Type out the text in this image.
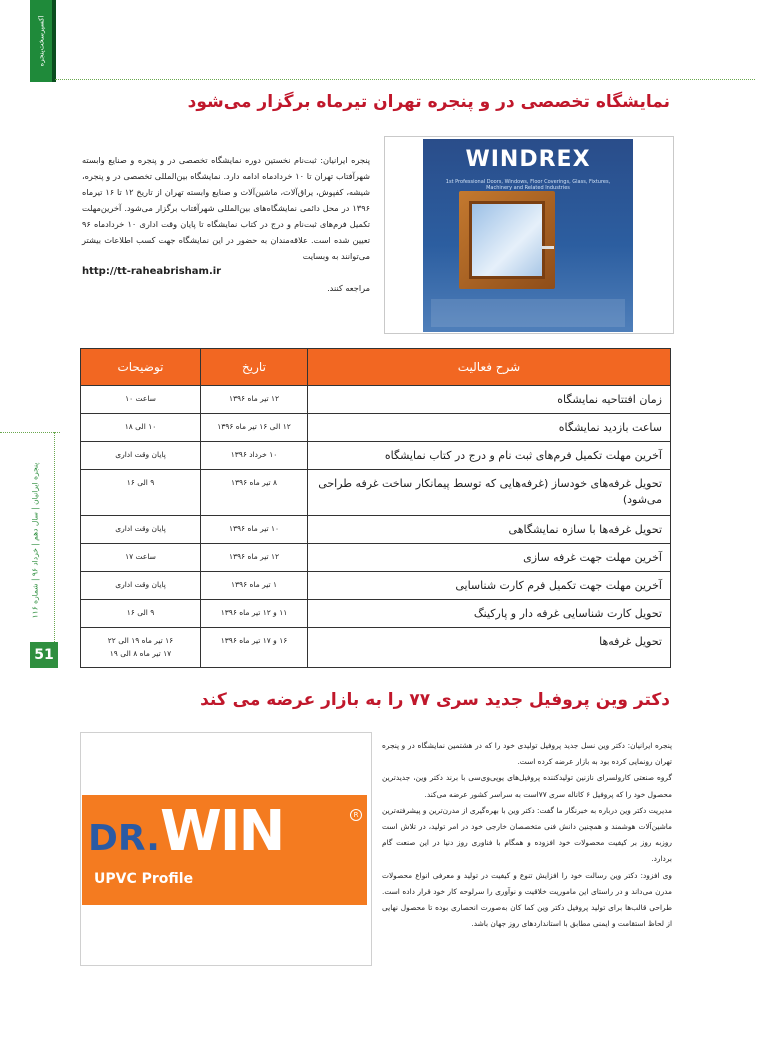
اکسپرسخت‌پنجره
پنجره ایرانیان | سال دهم | خرداد ۹۶ | شماره ۱۱۶
51
نمایشگاه تخصصی در و پنجره تهران تیرماه برگزار می‌شود
پنجره ایرانیان: ثبت‌نام نخستین دوره نمایشگاه تخصصی در و پنجره و صنایع وابسته شهرآفتاب تهران تا ۱۰ خردادماه ادامه دارد. نمایشگاه بین‌المللی تخصصی در و پنجره، شیشه، کفپوش، یراق‌آلات، ماشین‌آلات و صنایع وابسته تهران از تاریخ ۱۲ تا ۱۶ تیرماه ۱۳۹۶ در محل دائمی نمایشگاه‌های بین‌المللی شهرآفتاب برگزار می‌شود. آخرین‌مهلت تکمیل فرم‌های ثبت‌نام و درج در کتاب نمایشگاه تا پایان وقت اداری ۱۰ خردادماه ۹۶ تعیین شده است. علاقه‌مندان به حضور در این نمایشگاه جهت کسب اطلاعات بیشتر می‌توانند به وبسایت
http://tt-raheabrisham.ir
مراجعه کنند.
WINDREX
1st Professional Doors, Windows, Floor Coverings, Glass, Fixtures, Machinery and Related Industries
شرح فعالیت	تاریخ	توضیحات
زمان افتتاحیه نمایشگاه	۱۲ تیر ماه ۱۳۹۶	ساعت ۱۰
ساعت بازدید نمایشگاه	۱۲ الی ۱۶ تیر ماه ۱۳۹۶	۱۰ الی ۱۸
آخرین مهلت تکمیل فرم‌های ثبت نام و درج در کتاب نمایشگاه	۱۰ خرداد ۱۳۹۶	پایان وقت اداری
تحویل غرفه‌های خودساز (غرفه‌هایی که توسط پیمانکار ساخت غرفه طراحی می‌شود)	۸ تیر ماه ۱۳۹۶	۹ الی ۱۶
تحویل غرفه‌ها با سازه نمایشگاهی	۱۰ تیر ماه ۱۳۹۶	پایان وقت اداری
آخرین مهلت جهت غرفه سازی	۱۲ تیر ماه ۱۳۹۶	ساعت ۱۷
آخرین مهلت جهت تکمیل فرم کارت شناسایی	۱ تیر ماه ۱۳۹۶	پایان وقت اداری
تحویل کارت شناسایی غرفه دار و پارکینگ	۱۱ و ۱۲ تیر ماه ۱۳۹۶	۹ الی ۱۶
تحویل غرفه‌ها	۱۶ و ۱۷ تیر ماه ۱۳۹۶	۱۶ تیر ماه ۱۹ الی ۲۲
۱۷ تیر ماه ۸ الی ۱۹
دکتر وین پروفیل جدید سری ۷۷ را به بازار عرضه می کند
DR.WIN	R
UPVC Profile
پنجره ایرانیان: دکتر وین نسل جدید پروفیل تولیدی خود را که در هشتمین نمایشگاه در و پنجره تهران رونمایی کرده بود به بازار عرضه کرده است.
گروه صنعتی کارولسرای نازنین تولیدکننده پروفیل‌های یوپی‌وی‌سی با برند دکتر وین، جدیدترین محصول خود را که پروفیل ۶ کاناله سری ۷۷است به سراسر کشور عرضه می‌کند.
مدیریت دکتر وین درباره به خبرنگار ما گفت: دکتر وین با بهره‌گیری از مدرن‌ترین و پیشرفته‌ترین ماشین‌آلات هوشمند و همچنین دانش فنی متخصصان خارجی خود در امر تولید، در تلاش است روزبه روز بر کیفیت محصولات خود افزوده و همگام با فناوری روز دنیا در این صنعت گام بردارد.
وی افزود: دکتر وین رسالت خود را افزایش تنوع و کیفیت در تولید و معرفی انواع محصولات مدرن می‌داند و در راستای این ماموریت خلاقیت و نوآوری را سرلوحه کار خود قرار داده است. طراحی قالب‌ها برای تولید پروفیل دکتر وین کما کان به‌صورت انحصاری بوده تا محصول نهایی از لحاظ استقامت و ایمنی مطابق با استانداردهای روز جهان باشد.
